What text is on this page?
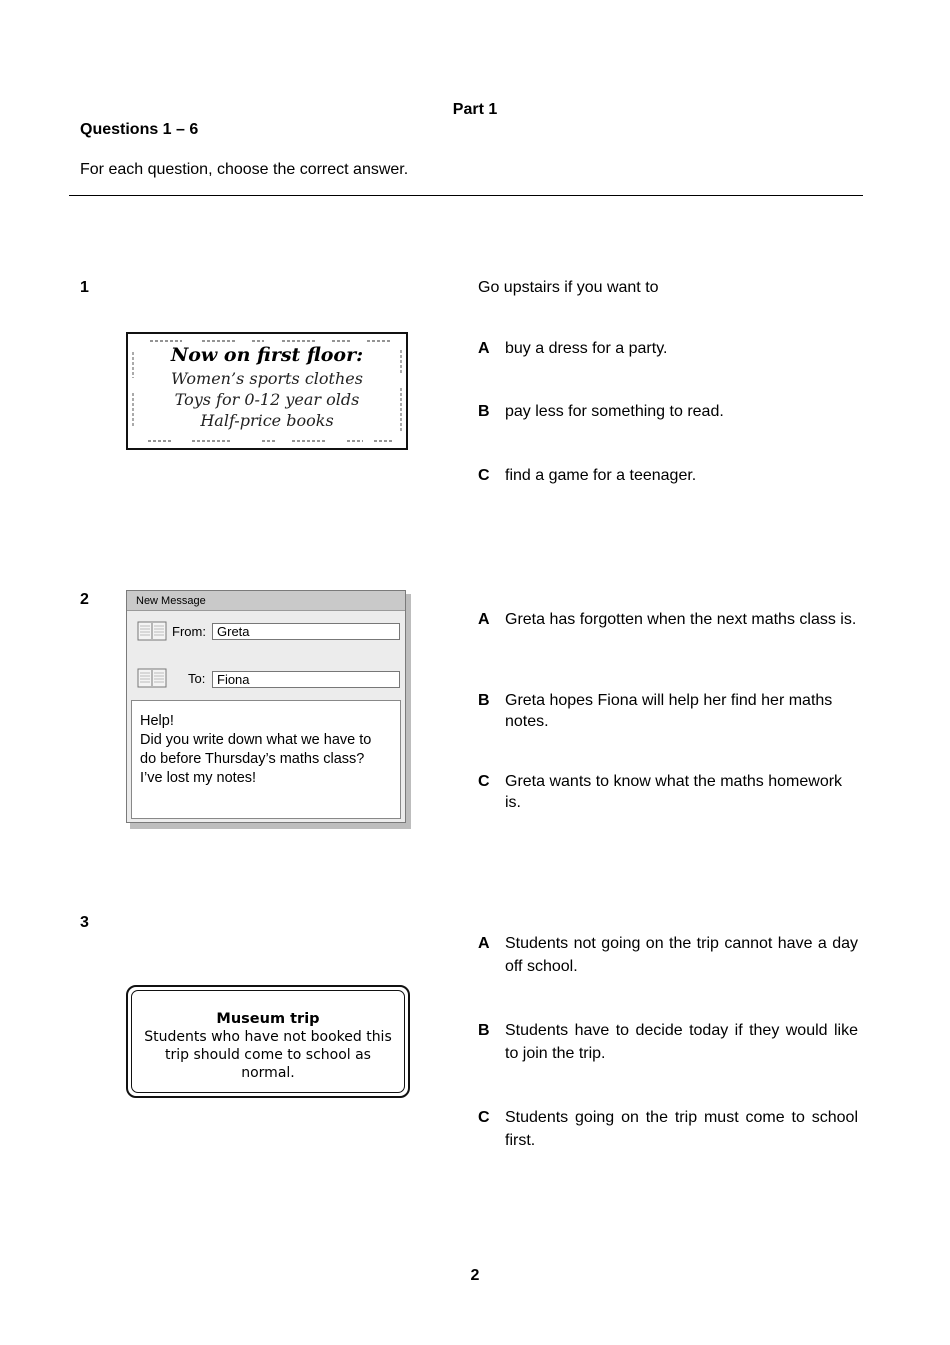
Part 1
Questions 1 – 6
For each question, choose the correct answer.
1	Go upstairs if you want to
Now on first floor:
Women’s sports clothes
Toys for 0-12 year olds
Half-price books
A buy a dress for a party.
B pay less for something to read.
C find a game for a teenager.
2	New Message
From: Greta
To: Fiona
Help!
Did you write down what we have to
do before Thursday’s maths class?
I’ve lost my notes!
A Greta has forgotten when the next maths class is.
B Greta hopes Fiona will help her find her maths notes.
C Greta wants to know what the maths homework is.
3
Museum trip
Students who have not booked this
trip should come to school as
normal.
A Students not going on the trip cannot have a day off school.
B Students have to decide today if they would like to join the trip.
C Students going on the trip must come to school first.
2
